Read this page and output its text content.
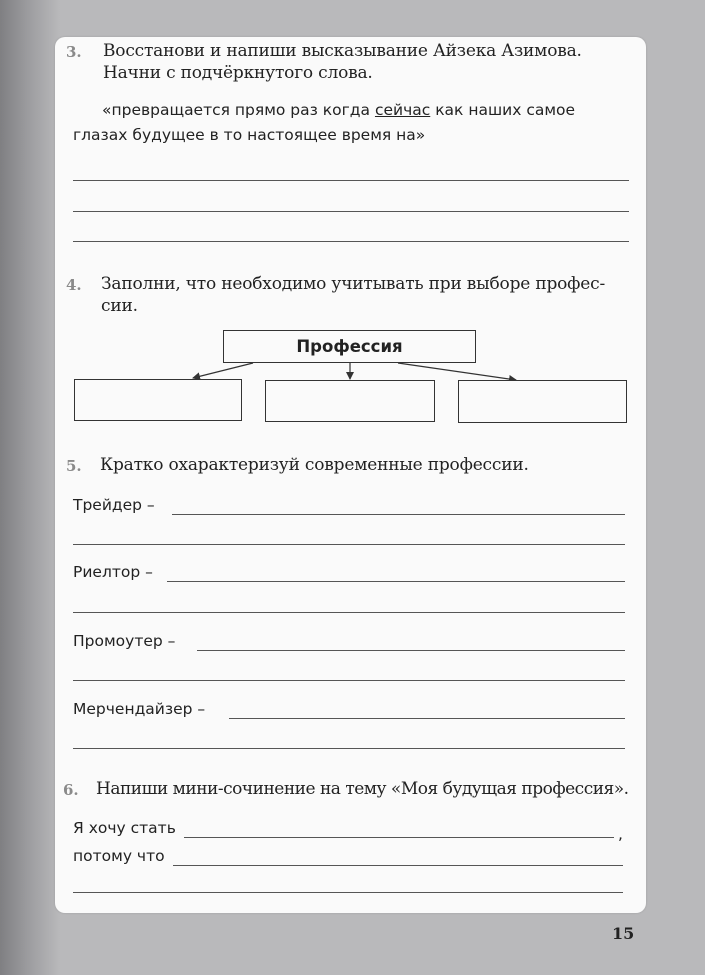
3. Восстанови и напиши высказывание Айзека Азимова.
Начни с подчёркнутого слова.
«превращается прямо раз когда сейчас как наших самое
глазах будущее в то настоящее время на»
4. Заполни, что необходимо учитывать при выборе профес-
сии.
Профессия
5. Кратко охарактеризуй современные профессии.
Трейдер –
Риелтор –
Промоутер –
Мерчендайзер –
6. Напиши мини-сочинение на тему «Моя будущая профессия».
Я хочу стать	,
потому что
15
